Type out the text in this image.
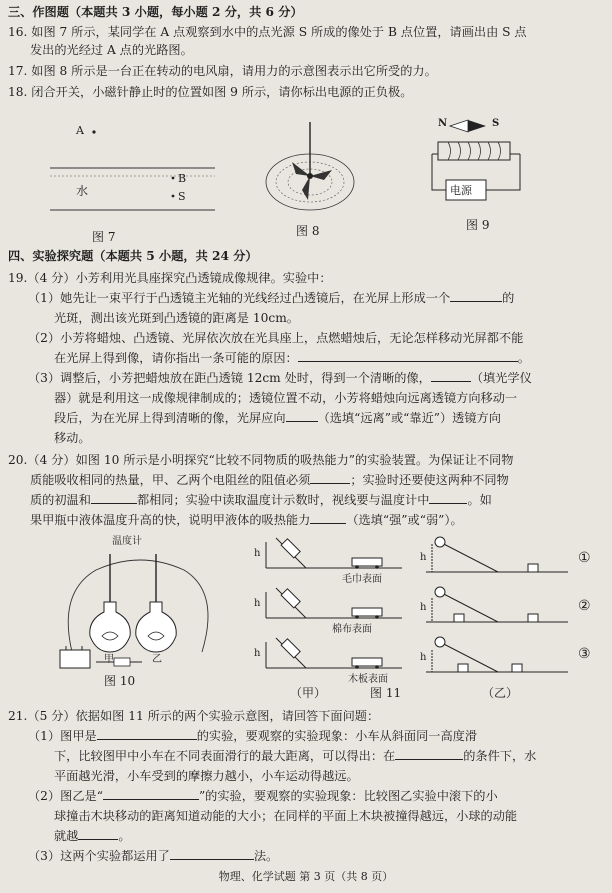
三、作图题（本题共 3 小题，每小题 2 分，共 6 分）
16. 如图 7 所示，某同学在 A 点观察到水中的点光源 S 所成的像处于 B 点位置，请画出由 S 点
发出的光经过 A 点的光路图。
17. 如图 8 所示是一台正在转动的电风扇，请用力的示意图表示出它所受的力。
18. 闭合开关，小磁针静止时的位置如图 9 所示，请你标出电源的正负极。
A
水
B
S
图 7	图 8
N	S
电源
图 9
四、实验探究题（本题共 5 小题，共 24 分）
19.（4 分）小芳利用光具座探究凸透镜成像规律。实验中：
（1）她先让一束平行于凸透镜主光轴的光线经过凸透镜后，在光屏上形成一个	的
光斑，测出该光斑到凸透镜的距离是 10cm。
（2）小芳将蜡烛、凸透镜、光屏依次放在光具座上，点燃蜡烛后，无论怎样移动光屏都不能
在光屏上得到像，请你指出一条可能的原因：	。
（3）调整后，小芳把蜡烛放在距凸透镜 12cm 处时，得到一个清晰的像，	（填光学仪
器）就是利用这一成像规律制成的；透镜位置不动，小芳将蜡烛向远离透镜方向移动一
段后，为在光屏上得到清晰的像，光屏应向	（选填“远离”或“靠近”）透镜方向
移动。
20.（4 分）如图 10 所示是小明探究“比较不同物质的吸热能力”的实验装置。为保证让不同物
质能吸收相同的热量，甲、乙两个电阻丝的阻值必须	；实验时还要使这两种不同物
质的初温和	都相同；实验中读取温度计示数时，视线要与温度计中	。如
果甲瓶中液体温度升高的快，说明甲液体的吸热能力	（选填“强”或“弱”）。
温度计
甲	乙
图 10
h
h
h
毛巾表面
棉布表面
木板表面
h
h
h
①
②
③
（甲）	图 11	（乙）
21.（5 分）依据如图 11 所示的两个实验示意图，请回答下面问题：
（1）图甲是	的实验，要观察的实验现象：小车从斜面同一高度滑
下，比较图甲中小车在不同表面滑行的最大距离，可以得出：在	的条件下，水
平面越光滑，小车受到的摩擦力越小，小车运动得越远。
（2）图乙是“	”的实验，要观察的实验现象：比较图乙实验中滚下的小
球撞击木块移动的距离知道动能的大小；在同样的平面上木块被撞得越远，小球的动能
就越	。
（3）这两个实验都运用了	法。
物理、化学试题 第 3 页（共 8 页）
